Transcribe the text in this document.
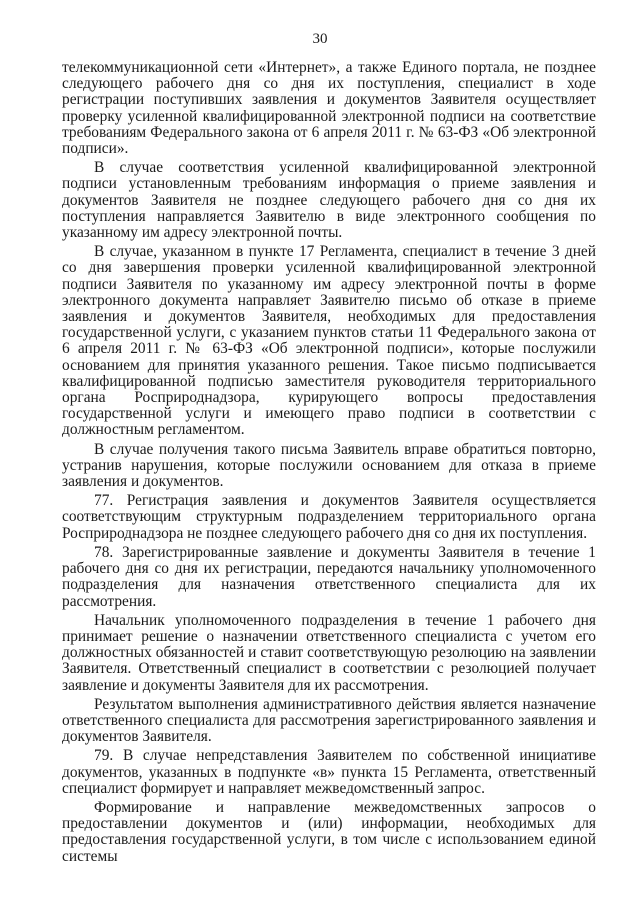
30

телекоммуникационной сети «Интернет», а также Единого портала, не позднее следующего рабочего дня со дня их поступления, специалист в ходе регистрации поступивших заявления и документов Заявителя осуществляет проверку усиленной квалифицированной электронной подписи на соответствие требованиям Федерального закона от 6 апреля 2011 г. № 63-ФЗ «Об электронной подписи».

В случае соответствия усиленной квалифицированной электронной подписи установленным требованиям информация о приеме заявления и документов Заявителя не позднее следующего рабочего дня со дня их поступления направляется Заявителю в виде электронного сообщения по указанному им адресу электронной почты.

В случае, указанном в пункте 17 Регламента, специалист в течение 3 дней со дня завершения проверки усиленной квалифицированной электронной подписи Заявителя по указанному им адресу электронной почты в форме электронного документа направляет Заявителю письмо об отказе в приеме заявления и документов Заявителя, необходимых для предоставления государственной услуги, с указанием пунктов статьи 11 Федерального закона от 6 апреля 2011 г. № 63-ФЗ «Об электронной подписи», которые послужили основанием для принятия указанного решения. Такое письмо подписывается квалифицированной подписью заместителя руководителя территориального органа Росприроднадзора, курирующего вопросы предоставления государственной услуги и имеющего право подписи в соответствии с должностным регламентом.

В случае получения такого письма Заявитель вправе обратиться повторно, устранив нарушения, которые послужили основанием для отказа в приеме заявления и документов.

77. Регистрация заявления и документов Заявителя осуществляется соответствующим структурным подразделением территориального органа Росприроднадзора не позднее следующего рабочего дня со дня их поступления.

78. Зарегистрированные заявление и документы Заявителя в течение 1 рабочего дня со дня их регистрации, передаются начальнику уполномоченного подразделения для назначения ответственного специалиста для их рассмотрения.

Начальник уполномоченного подразделения в течение 1 рабочего дня принимает решение о назначении ответственного специалиста с учетом его должностных обязанностей и ставит соответствующую резолюцию на заявлении Заявителя. Ответственный специалист в соответствии с резолюцией получает заявление и документы Заявителя для их рассмотрения.

Результатом выполнения административного действия является назначение ответственного специалиста для рассмотрения зарегистрированного заявления и документов Заявителя.

79. В случае непредставления Заявителем по собственной инициативе документов, указанных в подпункте «в» пункта 15 Регламента, ответственный специалист формирует и направляет межведомственный запрос.

Формирование и направление межведомственных запросов о предоставлении документов и (или) информации, необходимых для предоставления государственной услуги, в том числе с использованием единой системы
